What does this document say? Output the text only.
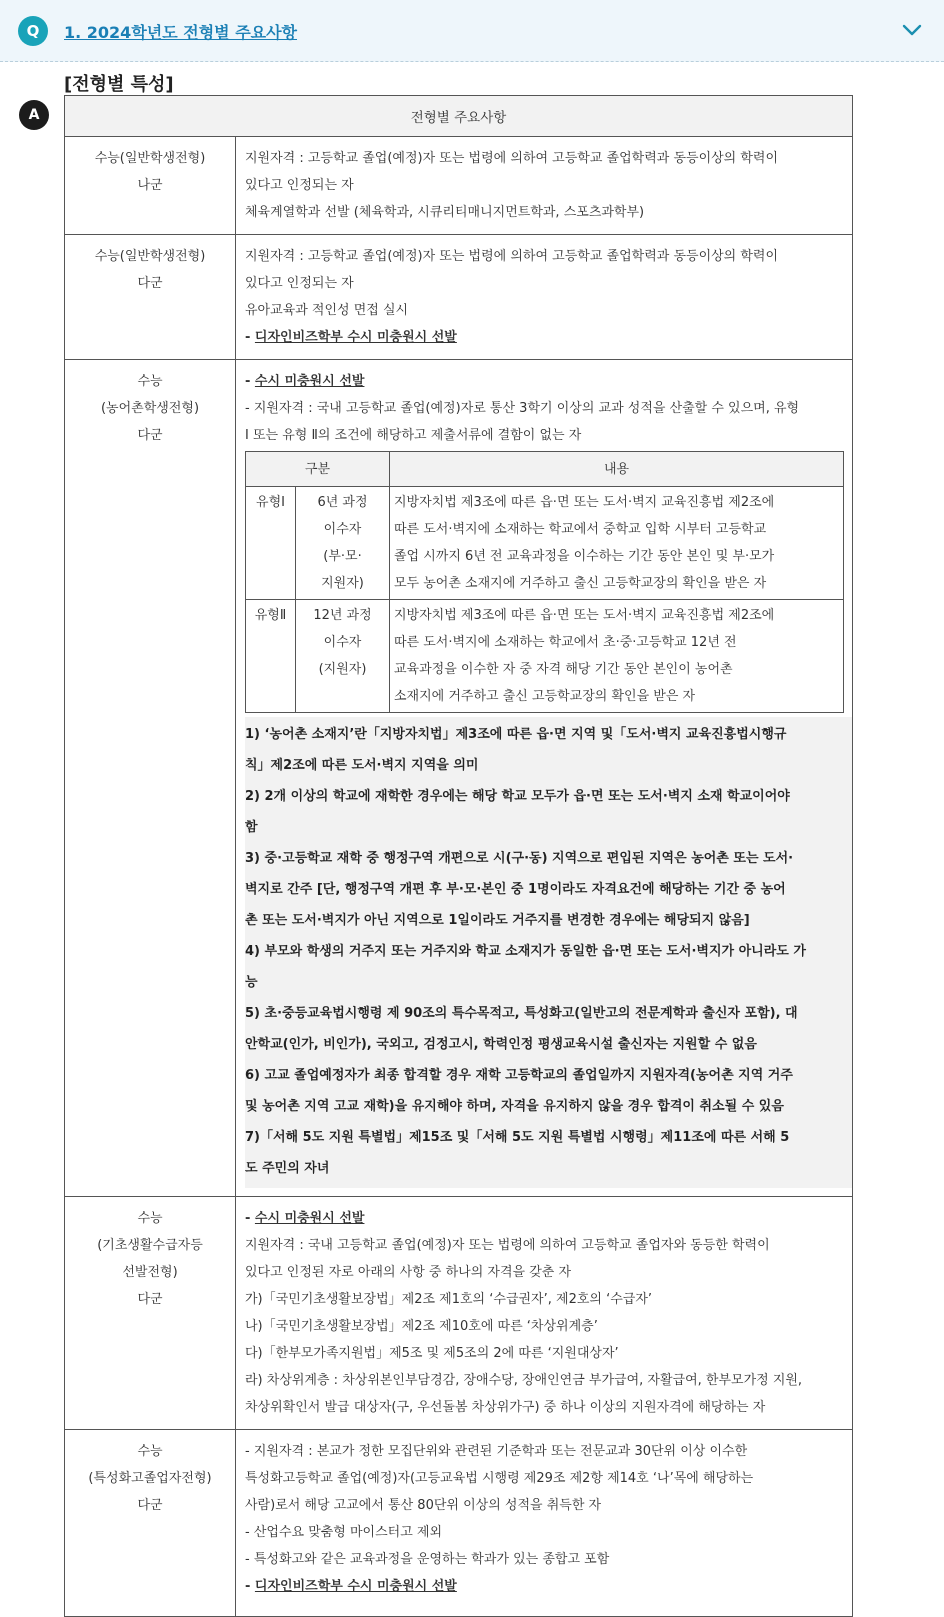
Q	1. 2024학년도 전형별 주요사항
[전형별 특성]
A	전형별 주요사항

수능(일반학생전형)
나군

지원자격 : 고등학교 졸업(예정)자 또는 법령에 의하여 고등학교 졸업학력과 동등이상의 학력이
있다고 인정되는 자
체육계열학과 선발 (체육학과, 시큐리티매니지먼트학과, 스포츠과학부)

수능(일반학생전형)
다군

지원자격 : 고등학교 졸업(예정)자 또는 법령에 의하여 고등학교 졸업학력과 동등이상의 학력이
있다고 인정되는 자
유아교육과 적인성 면접 실시
- 디자인비즈학부 수시 미충원시 선발

수능
(농어촌학생전형)
다군

- 수시 미충원시 선발
- 지원자격 : 국내 고등학교 졸업(예정)자로 통산 3학기 이상의 교과 성적을 산출할 수 있으며, 유형
Ⅰ 또는 유형 Ⅱ의 조건에 해당하고 제출서류에 결함이 없는 자
구분	내용
유형Ⅰ	6년 과정
이수자
(부·모·
지원자)

지방자치법 제3조에 따른 읍·면 또는 도서·벽지 교육진흥법 제2조에
따른 도서·벽지에 소재하는 학교에서 중학교 입학 시부터 고등학교
졸업 시까지 6년 전 교육과정을 이수하는 기간 동안 본인 및 부·모가
모두 농어촌 소재지에 거주하고 출신 고등학교장의 확인을 받은 자

유형Ⅱ	12년 과정
이수자
(지원자)

지방자치법 제3조에 따른 읍·면 또는 도서·벽지 교육진흥법 제2조에
따른 도서·벽지에 소재하는 학교에서 초·중·고등학교 12년 전
교육과정을 이수한 자 중 자격 해당 기간 동안 본인이 농어촌
소재지에 거주하고 출신 고등학교장의 확인을 받은 자
1) ‘농어촌 소재지’란「지방자치법」제3조에 따른 읍·면 지역 및「도서·벽지 교육진흥법시행규
칙」제2조에 따른 도서·벽지 지역을 의미
2) 2개 이상의 학교에 재학한 경우에는 해당 학교 모두가 읍·면 또는 도서·벽지 소재 학교이어야
함
3) 중·고등학교 재학 중 행정구역 개편으로 시(구·동) 지역으로 편입된 지역은 농어촌 또는 도서·
벽지로 간주 [단, 행정구역 개편 후 부·모·본인 중 1명이라도 자격요건에 해당하는 기간 중 농어
촌 또는 도서·벽지가 아닌 지역으로 1일이라도 거주지를 변경한 경우에는 해당되지 않음]
4) 부모와 학생의 거주지 또는 거주지와 학교 소재지가 동일한 읍·면 또는 도서·벽지가 아니라도 가
능
5) 초·중등교육법시행령 제 90조의 특수목적고, 특성화고(일반고의 전문계학과 출신자 포함), 대
안학교(인가, 비인가), 국외고, 검정고시, 학력인정 평생교육시설 출신자는 지원할 수 없음
6) 고교 졸업예정자가 최종 합격할 경우 재학 고등학교의 졸업일까지 지원자격(농어촌 지역 거주
및 농어촌 지역 고교 재학)을 유지해야 하며, 자격을 유지하지 않을 경우 합격이 취소될 수 있음
7)「서해 5도 지원 특별법」제15조 및「서해 5도 지원 특별법 시행령」제11조에 따른 서해 5
도 주민의 자녀

수능
(기초생활수급자등
선발전형)
다군

- 수시 미충원시 선발
지원자격 : 국내 고등학교 졸업(예정)자 또는 법령에 의하여 고등학교 졸업자와 동등한 학력이
있다고 인정된 자로 아래의 사항 중 하나의 자격을 갖춘 자
가)「국민기초생활보장법」제2조 제1호의 ‘수급권자’, 제2호의 ‘수급자’
나)「국민기초생활보장법」제2조 제10호에 따른 ‘차상위계층’
다)「한부모가족지원법」제5조 및 제5조의 2에 따른 ‘지원대상자’
라) 차상위계층 : 차상위본인부담경감, 장애수당, 장애인연금 부가급여, 자활급여, 한부모가정 지원,
차상위확인서 발급 대상자(구, 우선돌봄 차상위가구) 중 하나 이상의 지원자격에 해당하는 자

수능
(특성화고졸업자전형)
다군

- 지원자격 : 본교가 정한 모집단위와 관련된 기준학과 또는 전문교과 30단위 이상 이수한
특성화고등학교 졸업(예정)자(고등교육법 시행령 제29조 제2항 제14호 ‘나’목에 해당하는
사람)로서 해당 고교에서 통산 80단위 이상의 성적을 취득한 자
- 산업수요 맞춤형 마이스터고 제외
- 특성화고와 같은 교육과정을 운영하는 학과가 있는 종합고 포함
- 디자인비즈학부 수시 미충원시 선발
